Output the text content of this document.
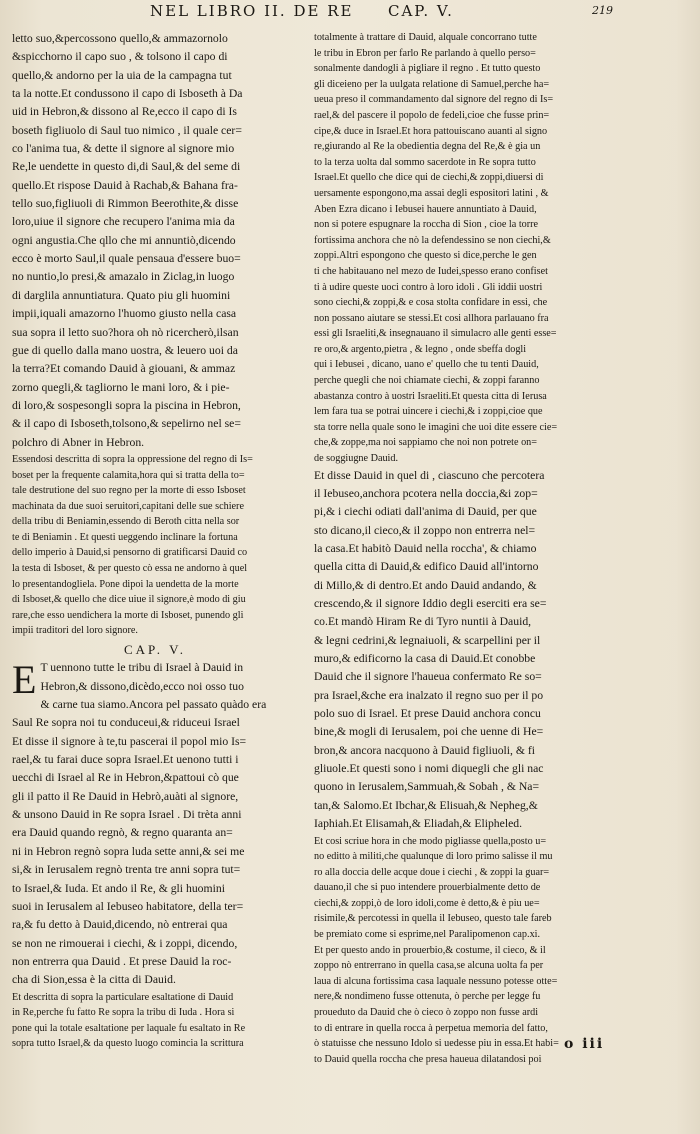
NEL LIBRO II. DE RE CAP. V.	219
letto suo,&percossono quello,& ammazornolo
&spicchorno il capo suo , & tolsono il capo di
quello,& andorno per la uia de la campagna tut
ta la notte.Et condussono il capo di Isboseth à Da
uid in Hebron,& dissono al Re,ecco il capo di Is
boseth figliuolo di Saul tuo nimico , il quale cer=
co l'anima tua, & dette il signore al signore mio
Re,le uendette in questo di,di Saul,& del seme di
quello.Et rispose Dauid à Rachab,& Bahana fra-
tello suo,figliuoli di Rimmon Beerothite,& disse
loro,uiue il signore che recupero l'anima mia da
ogni angustia.Che qllo che mi annuntiò,dicendo
ecco è morto Saul,il quale pensaua d'essere buo=
no nuntio,lo presi,& amazalo in Ziclag,in luogo
di darglila annuntiatura. Quato piu gli huomini
impii,iquali amazorno l'huomo giusto nella casa
sua sopra il letto suo?hora oh nò ricercherò,ilsan
gue di quello dalla mano uostra, & leuero uoi da
la terra?Et comando Dauid à giouani, & ammaz
zorno quegli,& tagliorno le mani loro, & i pie-
di loro,& sospesongli sopra la piscina in Hebron,
& il capo di Isboseth,tolsono,& sepelirno nel se=
polchro di Abner in Hebron.
Essendosi descritta di sopra la oppressione del regno di Is=
boset per la frequente calamita,hora qui si tratta della to=
tale destrutione del suo regno per la morte di esso Isboset
machinata da due suoi seruitori,capitani delle sue schiere
della tribu di Beniamin,essendo di Beroth citta nella sor
te di Beniamin . Et questi ueggendo inclinare la fortuna
dello imperio à Dauid,si pensorno di gratificarsi Dauid co
la testa di Isboset, & per questo cò essa ne andorno à quel
lo presentandogliela. Pone dipoi la uendetta de la morte
di Isboset,& quello che dice uiue il signore,è modo di giu
rare,che esso uendichera la morte di Isboset, punendo gli
impii traditori del loro signore.
CAP. V.
E T uennono tutte le tribu di Israel à Dauid in
Hebron,& dissono,dicèdo,ecco noi osso tuo
& carne tua siamo.Ancora pel passato quàdo era
Saul Re sopra noi tu conduceui,& riduceui Israel
Et disse il signore à te,tu pascerai il popol mio Is=
rael,& tu farai duce sopra Israel.Et uenono tutti i
uecchi di Israel al Re in Hebron,&pattoui cò que
gli il patto il Re Dauid in Hebrò,auàti al signore,
& unsono Dauid in Re sopra Israel . Di trèta anni
era Dauid quando regnò, & regno quaranta an=
ni in Hebron regnò sopra luda sette anni,& sei me
si,& in Ierusalem regnò trenta tre anni sopra tut=
to Israel,& Iuda. Et ando il Re, & gli huomini
suoi in Ierusalem al Iebuseo habitatore, della ter=
ra,& fu detto à Dauid,dicendo, nò entrerai qua
se non ne rimouerai i ciechi, & i zoppi, dicendo,
non entrerra qua Dauid . Et prese Dauid la roc-
cha di Sion,essa è la citta di Dauid.
Et descritta di sopra la particulare esaltatione di Dauid
in Re,perche fu fatto Re sopra la tribu di Iuda . Hora si
pone qui la totale esaltatione per laquale fu esaltato in Re
sopra tutto Israel,& da questo luogo comincia la scrittura
totalmente à trattare di Dauid, alquale concorrano tutte
le tribu in Ebron per farlo Re parlando à quello perso=
sonalmente dandogli à pigliare il regno . Et tutto questo
gli diceieno per la uulgata relatione di Samuel,perche ha=
ueua preso il commandamento dal signore del regno di Is=
rael,& del pascere il popolo de fedeli,cioe che fusse prin=
cipe,& duce in Israel.Et hora pattouiscano auanti al signo
re,giurando al Re la obedientia degna del Re,& è gia un
to la terza uolta dal sommo sacerdote in Re sopra tutto
Israel.Et quello che dice qui de ciechi,& zoppi,diuersi di
uersamente espongono,ma assai degli espositori latini , &
Aben Ezra dicano i Iebusei hauere annuntiato à Dauid,
non si potere espugnare la roccha di Sion , cioe la torre
fortissima anchora che nò la defendessino se non ciechi,&
zoppi.Altri espongono che questo si dice,perche le gen
ti che habitauano nel mezo de Iudei,spesso erano confiset
ti à udire queste uoci contro à loro idoli . Gli iddii uostri
sono ciechi,& zoppi,& e cosa stolta confidare in essi, che
non possano aiutare se stessi.Et cosi allhora parlauano fra
essi gli Israeliti,& insegnauano il simulacro alle genti esse=
re oro,& argento,pietra , & legno , onde sbeffa dogli
qui i Iebusei , dicano, uano e' quello che tu tenti Dauid,
perche quegli che noi chiamate ciechi, & zoppi faranno
abastanza contro à uostri Israeliti.Et questa citta di Ierusa
lem fara tua se potrai uincere i ciechi,& i zoppi,cioe que
sta torre nella quale sono le imagini che uoi dite essere cie=
che,& zoppe,ma noi sappiamo che noi non potrete on=
de soggiugne Dauid.
Et disse Dauid in quel di , ciascuno che percotera
il Iebuseo,anchora pcotera nella doccia,&i zop=
pi,& i ciechi odiati dall'anima di Dauid, per que
sto dicano,il cieco,& il zoppo non entrerra nel=
la casa.Et habitò Dauid nella roccha', & chiamo
quella citta di Dauid,& edifico Dauid all'intorno
di Millo,& di dentro.Et ando Dauid andando, &
crescendo,& il signore Iddio degli eserciti era se=
co.Et mandò Hiram Re di Tyro nuntii à Dauid,
& legni cedrini,& legnaiuoli, & scarpellini per il
muro,& edificorno la casa di Dauid.Et conobbe
Dauid che il signore l'haueua confermato Re so=
pra Israel,&che era inalzato il regno suo per il po
polo suo di Israel. Et prese Dauid anchora concu
bine,& mogli di Ierusalem, poi che uenne di He=
bron,& ancora nacquono à Dauid figliuoli, & fi
gliuole.Et questi sono i nomi diquegli che gli nac
quono in Ierusalem,Sammuah,& Sobah , & Na=
tan,& Salomo.Et Ibchar,& Elisuah,& Nepheg,&
Iaphiah.Et Elisamah,& Eliadah,& Elipheled.
Et cosi scriue hora in che modo pigliasse quella,posto u=
no editto à militi,che qualunque di loro primo salisse il mu
ro alla doccia delle acque doue i ciechi , & zoppi la guar=
dauano,il che si puo intendere prouerbialmente detto de
ciechi,& zoppi,ò de loro idoli,come è detto,& è piu ue=
risimile,& percotessi in quella il Iebuseo, questo tale fareb
be premiato come si esprime,nel Paralipomenon cap.xi.
Et per questo ando in prouerbio,& costume, il cieco, & il
zoppo nò entrerrano in quella casa,se alcuna uolta fa per
laua di alcuna fortissima casa laquale nessuno potesse otte=
nere,& nondimeno fusse ottenuta, ò perche per legge fu
proueduto da Dauid che ò cieco ò zoppo non fusse ardi
to di entrare in quella rocca à perpetua memoria del fatto,
ò statuisse che nessuno Idolo si uedesse piu in essa.Et habi=
to Dauid quella roccha che presa haueua dilatandosi poi
o iii
